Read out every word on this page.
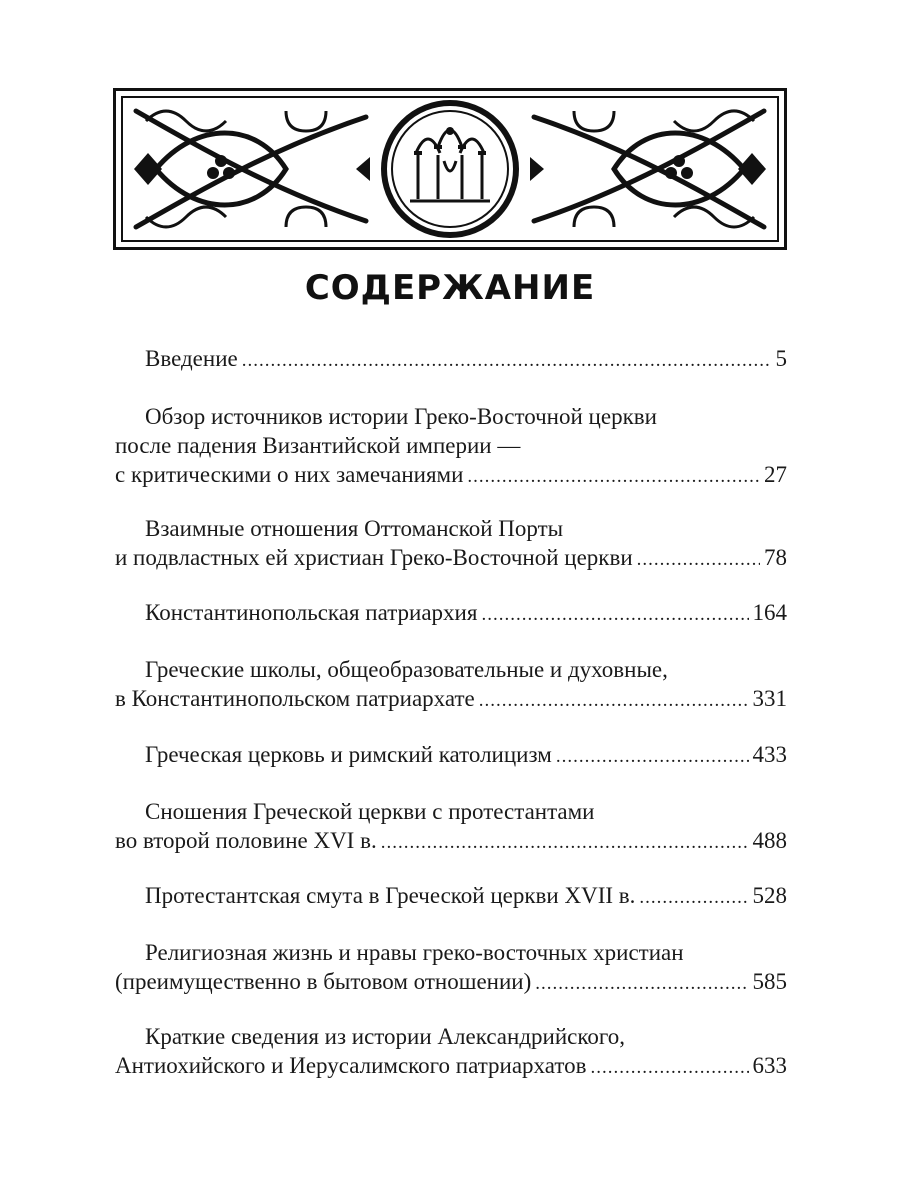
СОДЕРЖАНИЕ
Введение .....	5
Обзор источников истории Греко-Восточной церкви
после падения Византийской империи —
с критическими о них замечаниями .....	27
Взаимные отношения Оттоманской Порты
и подвластных ей христиан Греко-Восточной церкви .....	78
Константинопольская патриархия .....	164
Греческие школы, общеобразовательные и духовные,
в Константинопольском патриархате .....	331
Греческая церковь и римский католицизм .....	433
Сношения Греческой церкви с протестантами
во второй половине XVI в. .....	488
Протестантская смута в Греческой церкви XVII в. .....	528
Религиозная жизнь и нравы греко-восточных христиан
(преимущественно в бытовом отношении) .....	585
Краткие сведения из истории Александрийского,
Антиохийского и Иерусалимского патриархатов .....	633
